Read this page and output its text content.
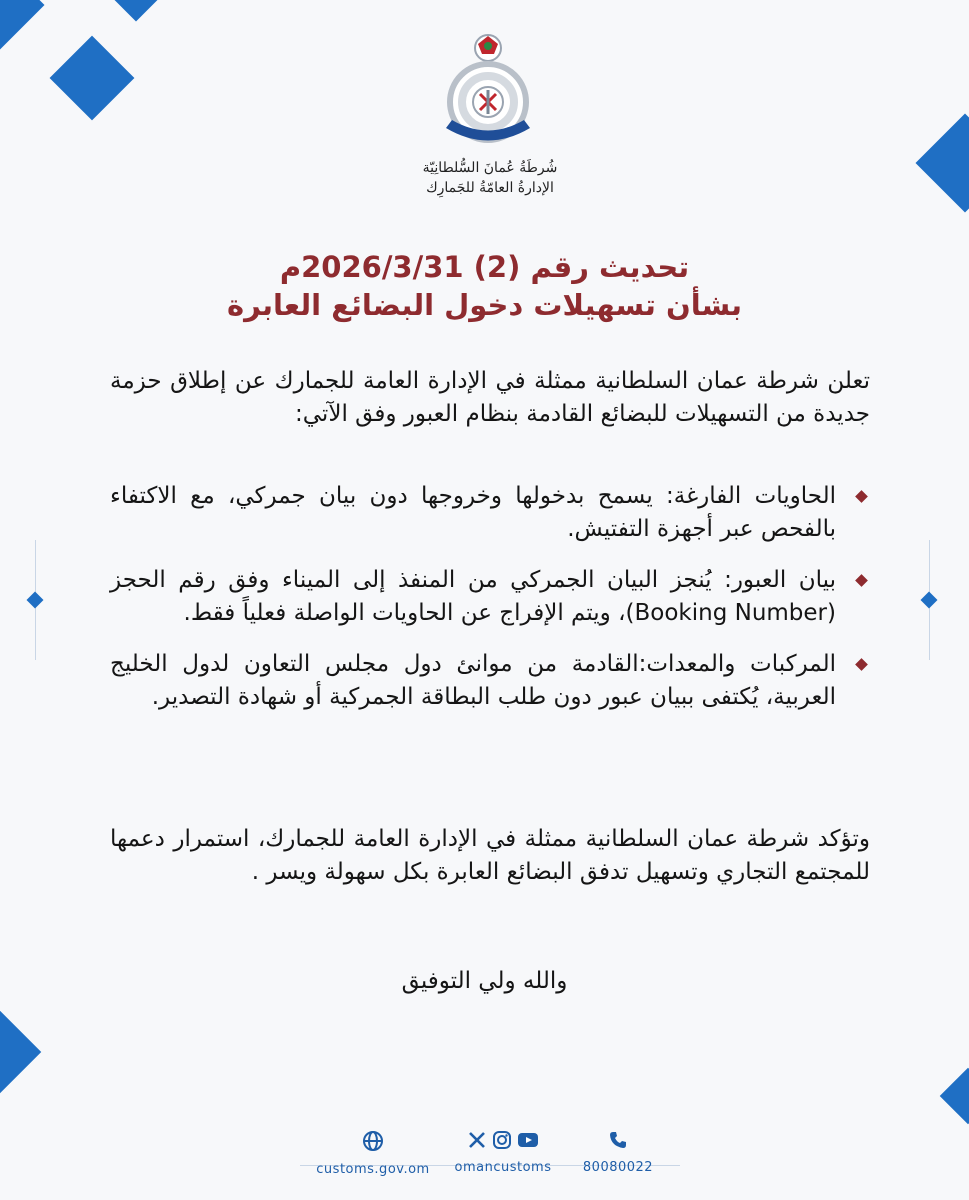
شُرطَةُ عُمانَ السُّلطانِيّة
الإدارةُ العامّةُ للجَمارِك
تحديث رقم (2) 2026/3/31م
بشأن تسهيلات دخول البضائع العابرة
تعلن شرطة عمان السلطانية ممثلة في الإدارة العامة للجمارك عن إطلاق حزمة جديدة من التسهيلات للبضائع القادمة بنظام العبور وفق الآتي:
الحاويات الفارغة: يسمح بدخولها وخروجها دون بيان جمركي، مع الاكتفاء بالفحص عبر أجهزة التفتيش.
بيان العبور: يُنجز البيان الجمركي من المنفذ إلى الميناء وفق رقم الحجز (Booking Number)، ويتم الإفراج عن الحاويات الواصلة فعلياً فقط.
المركبات والمعدات:القادمة من موانئ دول مجلس التعاون لدول الخليج العربية، يُكتفى ببيان عبور دون طلب البطاقة الجمركية أو شهادة التصدير.
وتؤكد شرطة عمان السلطانية ممثلة في الإدارة العامة للجمارك، استمرار دعمها للمجتمع التجاري وتسهيل تدفق البضائع العابرة بكل سهولة ويسر .
والله ولي التوفيق
customs.gov.om
	omancustoms	80080022
